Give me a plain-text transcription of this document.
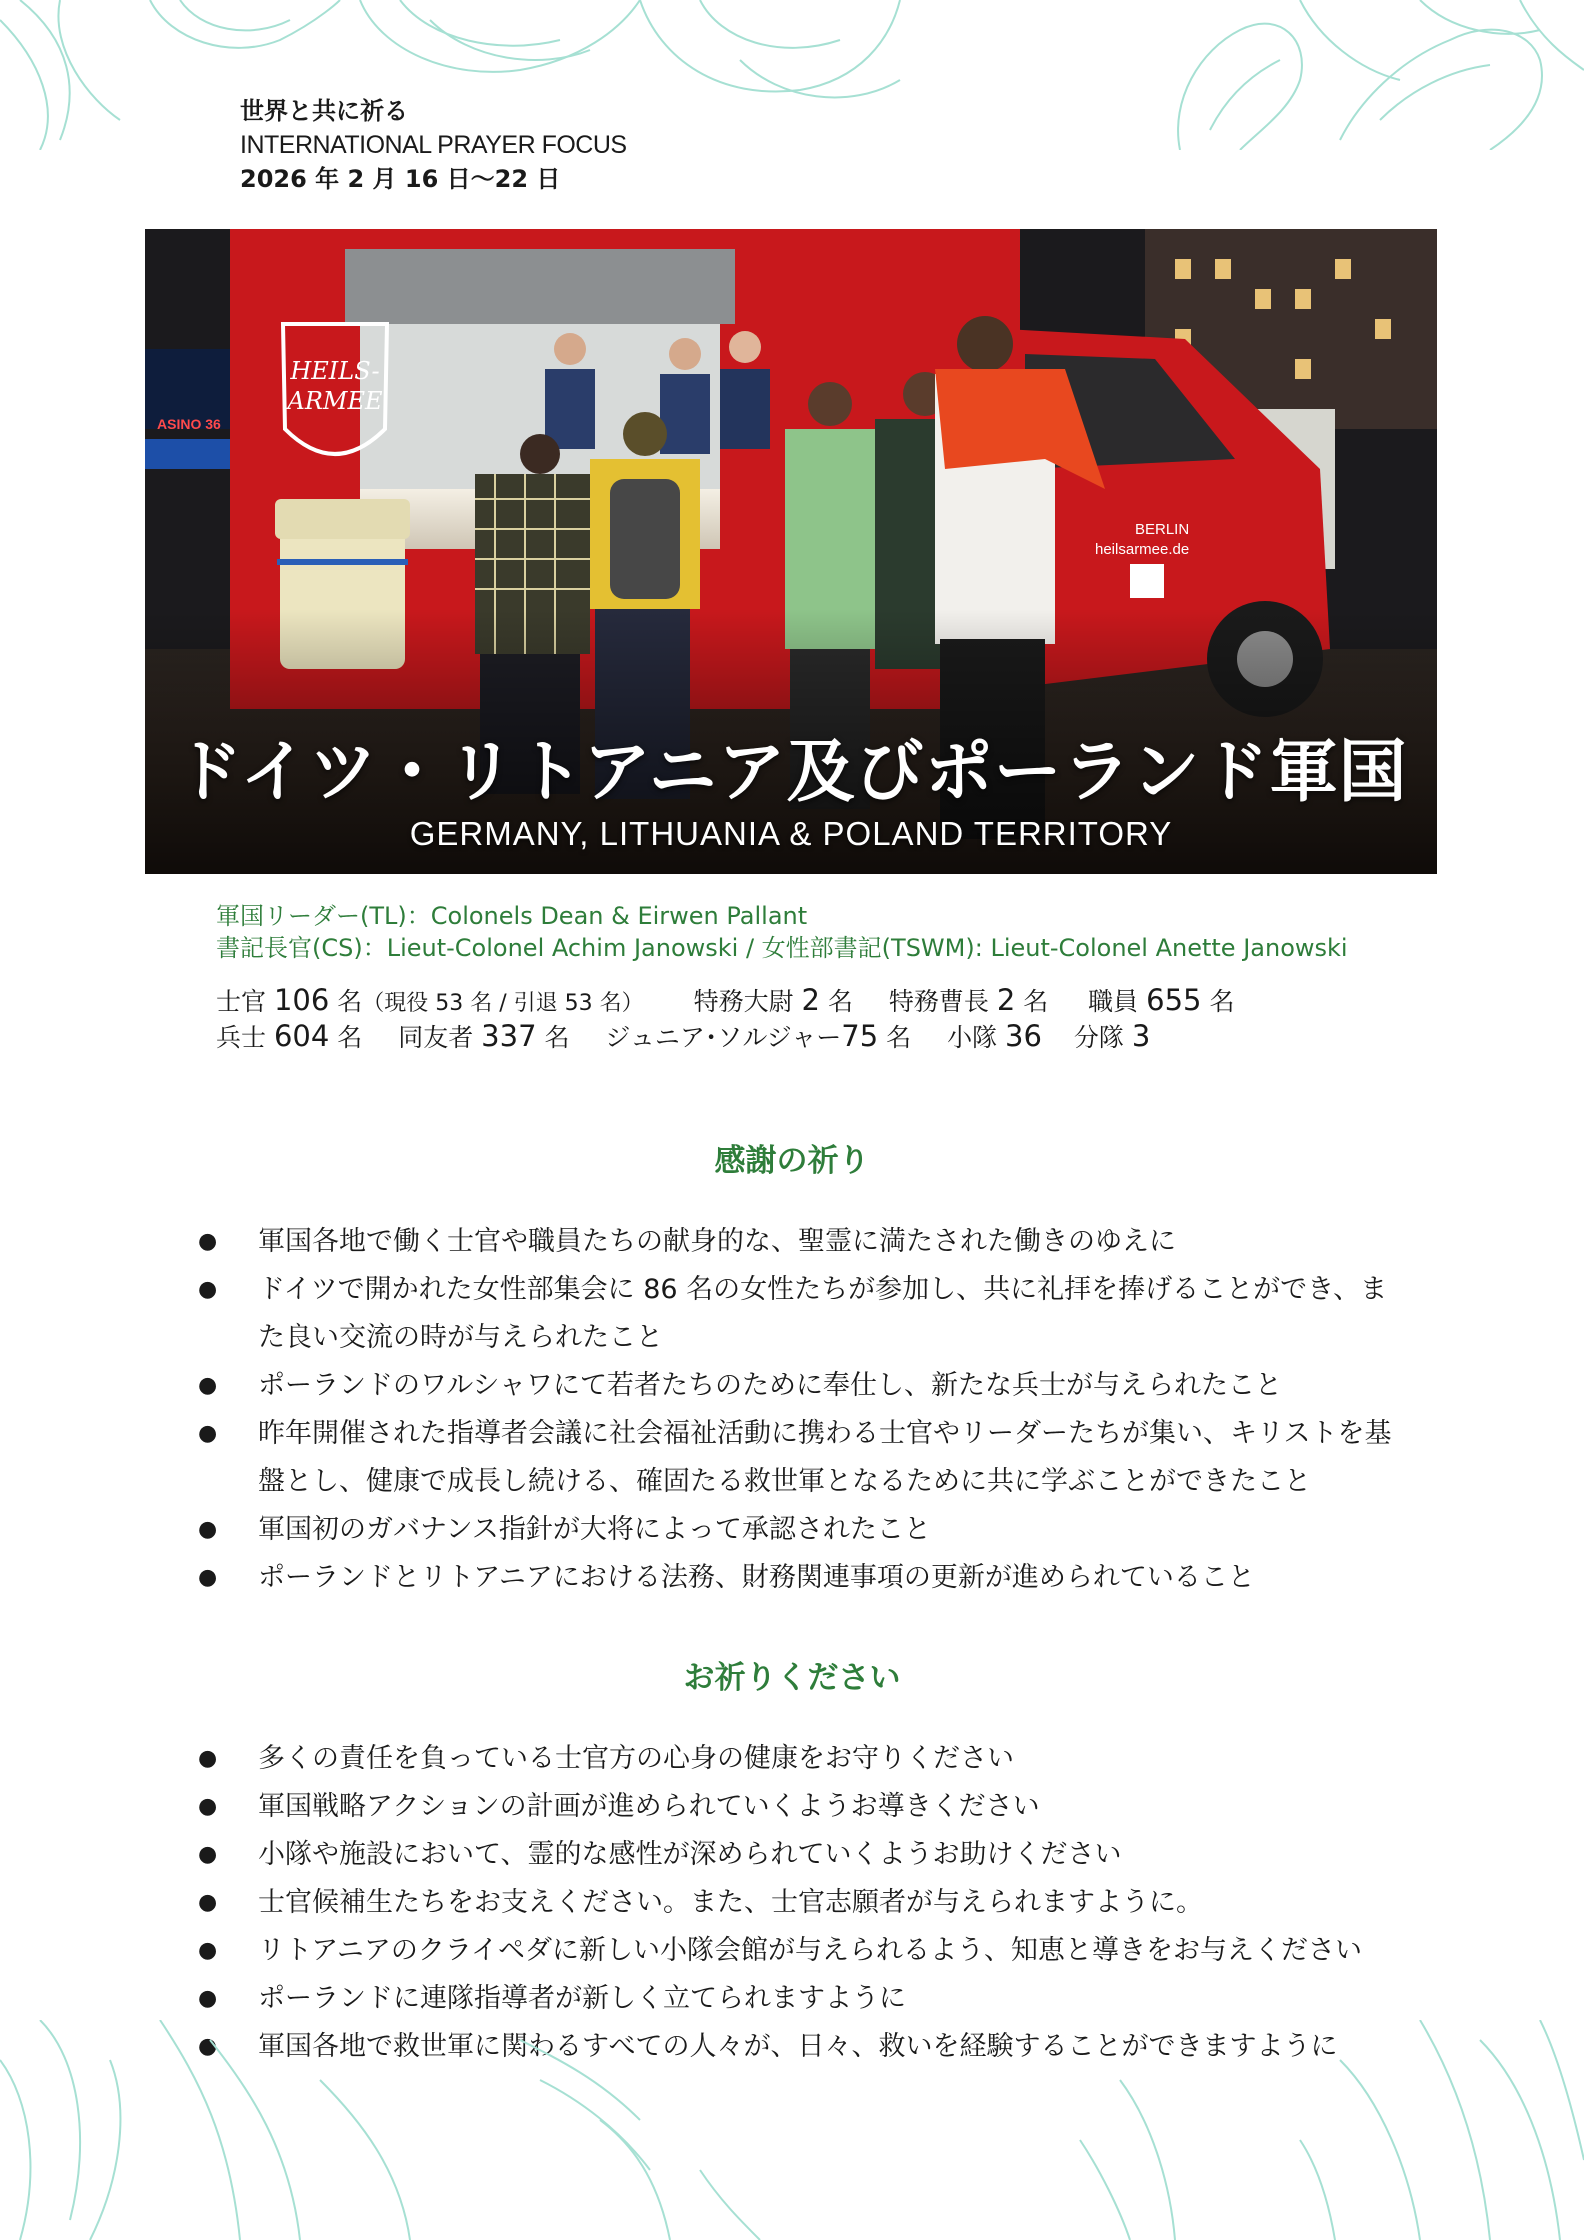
世界と共に祈る
INTERNATIONAL PRAYER FOCUS
2026 年 2 月 16 日〜22 日
ASINO 36
HEILS-
ARMEE
BERLIN
heilsarmee.de
ドイツ・リトアニア及びポーランド軍国
GERMANY, LITHUANIA & POLAND TERRITORY
軍国リーダー(TL)：Colonels Dean & Eirwen Pallant
書記長官(CS)：Lieut-Colonel Achim Janowski / 女性部書記(TSWM): Lieut-Colonel Anette Janowski
士官 106 名（現役 53 名 / 引退 53 名） 特務大尉 2 名 特務曹長 2 名 職員 655 名
兵士 604 名 同友者 337 名 ジュニア･ソルジャー75 名 小隊 36 分隊 3
感謝の祈り
● 軍国各地で働く士官や職員たちの献身的な、聖霊に満たされた働きのゆえに
● ドイツで開かれた女性部集会に 86 名の女性たちが参加し、共に礼拝を捧げることができ、また良い交流の時が与えられたこと
● ポーランドのワルシャワにて若者たちのために奉仕し、新たな兵士が与えられたこと
● 昨年開催された指導者会議に社会福祉活動に携わる士官やリーダーたちが集い、キリストを基盤とし、健康で成長し続ける、確固たる救世軍となるために共に学ぶことができたこと
● 軍国初のガバナンス指針が大将によって承認されたこと
● ポーランドとリトアニアにおける法務、財務関連事項の更新が進められていること
お祈りください
● 多くの責任を負っている士官方の心身の健康をお守りください
● 軍国戦略アクションの計画が進められていくようお導きください
● 小隊や施設において、霊的な感性が深められていくようお助けください
● 士官候補生たちをお支えください。また、士官志願者が与えられますように。
● リトアニアのクライペダに新しい小隊会館が与えられるよう、知恵と導きをお与えください
● ポーランドに連隊指導者が新しく立てられますように
● 軍国各地で救世軍に関わるすべての人々が、日々、救いを経験することができますように
